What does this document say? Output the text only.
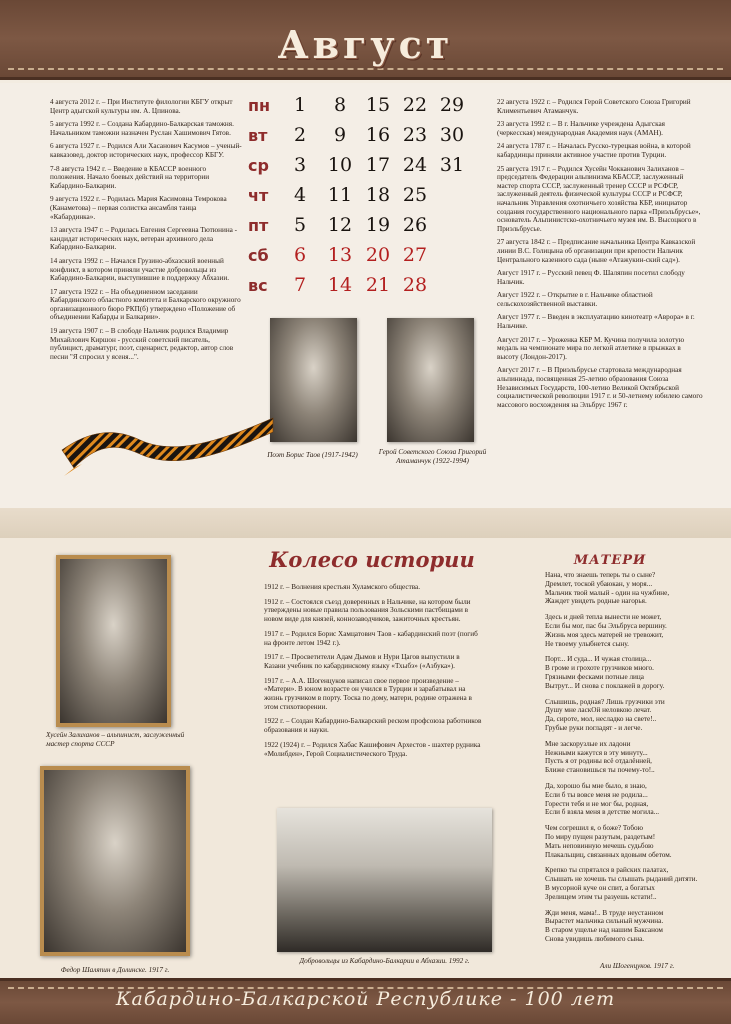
Август
4 августа 2012 г. – При Институте филологии КБГУ открыт Центр адыгской культуры им. А. Цпинова.
5 августа 1992 г. – Создана Кабардино-Балкарская таможня. Начальником таможни назначен Руслан Хашимович Гятов.
6 августа 1927 г. – Родился Али Хасанович Касумов – ученый-кавказовед, доктор исторических наук, профессор КБГУ.
7-8 августа 1942 г. – Введение в КБАССР военного положения. Начало боевых действий на территории Кабардино-Балкарии.
9 августа 1922 г. – Родилась Мария Касимовна Темрокова (Канаметова) – первая солистка ансамбля танца «Кабардинка».
13 августа 1947 г. – Родилась Евгения Сергеевна Тютюнина - кандидат исторических наук, ветеран архивного дела Кабардино-Балкарии.
14 августа 1992 г. – Начался Грузино-абхазский военный конфликт, в котором приняли участие добровольцы из Кабардино-Балкарии, выступившие в поддержку Абхазии.
17 августа 1922 г. – На объединенном заседании Кабардинского областного комитета и Балкарского окружного организационного бюро РКП(б) утверждено «Положение об объединении Кабарды и Балкарии».
19 августа 1907 г. – В слободе Нальчик родился Владимир Михайлович Киршон - русский советский писатель, публицист, драматург, поэт, сценарист, редактор, автор слов песни "Я спросил у ясеня...".
22 августа 1922 г. – Родился Герой Советского Союза Григорий Климентьевич Атаманчук.
23 августа 1992 г. – В г. Нальчике учреждена Адыгская (черкесская) международная Академия наук (АМАН).
24 августа 1787 г. – Началась Русско-турецкая война, в которой кабардинцы приняли активное участие против Турции.
25 августа 1917 г. – Родился Хусейн Чокканович Залиханов – председатель Федерации альпинизма КБАССР, заслуженный мастер спорта СССР, заслуженный тренер СССР и РСФСР, заслуженный деятель физической культуры СССР и РСФСР, начальник Управления охотничьего хозяйства КБР, инициатор создания государственного национального парка «Приэльбрусье», основатель Альпинистско-охотничьего музея им. В. Высоцкого в Приэльбрусье.
27 августа 1842 г. – Предписание начальника Центра Кавказской линии В.С. Голицына об организации при крепости Нальчик Центрального казенного сада (ныне «Атажукин-ский сад»).
Август 1917 г. – Русский певец Ф. Шаляпин посетил слободу Нальчик.
Август 1922 г. – Открытие в г. Нальчике областной сельскохозяйственной выставки.
Август 1977 г. – Введен в эксплуатацию кинотеатр «Аврора» в г. Нальчике.
Август 2017 г. – Уроженка КБР М. Кучина получила золотую медаль на чемпионате мира по легкой атлетике в прыжках в высоту (Лондон-2017).
Август 2017 г. – В Приэльбрусье стартовала международная альпиниада, посвященная 25-летию образования Союза Независимых Государств, 100-летию Великой Октябрьской социалистической революции 1917 г. и 50-летнему юбилею самого массового восхождения на Эльбрус 1967 г.
пн	1	8	15 22 29
вт	2	9	16 23 30
ср	3	10 17 24 31
чт	4	11 18 25
пт	5	12 19 26
сб	6	13 20 27
вс	7	14 21 28
Поэт Борис Таов (1917-1942)	Герой Советского Союза Григорий Атаманчук (1922-1994)
Хусейн Залиханов – альпинист, заслуженный мастер спорта СССР
Федор Шаляпин в Долинске. 1917 г.
Добровольцы из Кабардино-Балкарии в Абхазии. 1992 г.
Колесо истории
1912 г. – Волнения крестьян Хуламского общества.
1912 г. – Состоялся съезд доверенных в Нальчике, на котором были утверждены новые правила пользования Зольскими пастбищами в новом виде для князей, коннозаводчиков, зажиточных крестьян.
1917 г. – Родился Борис Хамцатович Таов - кабардинский поэт (погиб на фронте летом 1942 г.).
1917 г. – Просветители Адам Дымов и Нури Цагов выпустили в Казани учебник по кабардинскому языку «Тхыбэ» («Азбука»).
1917 г. – А.А. Шогенцуков написал свое первое произведение – «Матери». В юном возрасте он учился в Турции и зарабатывал на жизнь грузчиком в порту. Тоска по дому, матери, родине отражена в этом стихотворении.
1922 г. – Создан Кабардино-Балкарский реском профсоюза работников образования и науки.
1922 (1924) г. – Родился Хабас Кашифович Архестов - шахтер рудника «Молибден», Герой Социалистического Труда.
МАТЕРИ
Нана, что знаешь теперь ты о сыне?
Дремлет, тоской убаюкан, у моря...
Мальчик твой малый - один на чужбине,
Жаждет увидеть родные нагорья.
Здесь и дней тепла вынести не может,
Если бы мог, пас бы Эльбруса вершину.
Жизнь моя здесь матерей не тревожит,
Не твоему улыбнется сыну.
Порт... И суда... И чужая столица...
В громе и грохоте грузчиков много.
Грязными фесками потные лица
Вытрут... И снова с поклажей в дорогу.
Слышишь, родная? Лишь грузчики эти
Душу мне ласкОй неловкою лечат.
Да, сироте, мол, несладко на свете!..
Грубые руки погладят - и легче.
Мне заскорузлые их ладони
Нежными кажутся в эту минуту...
Пусть я от родины всё отдалённей,
Ближе становишься ты почему-то!..
Да, хорошо бы мне было, я знаю,
Если б ты вовсе меня не родила...
Горести тебя и не мог бы, родная,
Если б взяла меня в детстве могила...
Чем согрешил я, о боже? Тобою
По миру пущен разутым, раздетым!
Мать неповинную мечешь судьбою
Плакальщиц, связанных вдовьим обетом.
Крепко ты спрятался в райских палатах,
Слышать не хочешь ты слышать рыданий дитяти.
В мусорной куче он спит, а богатых
Зрелищем этим ты разуешь кстати!..
Жди меня, мама!.. В труде неустанном
Вырастет мальчика сильный мужчина.
В старом ущелье над нашим Баксаном
Снова увидишь любимого сына.
Али Шогенцуков. 1917 г.
Кабардино-Балкарской Республике - 100 лет
